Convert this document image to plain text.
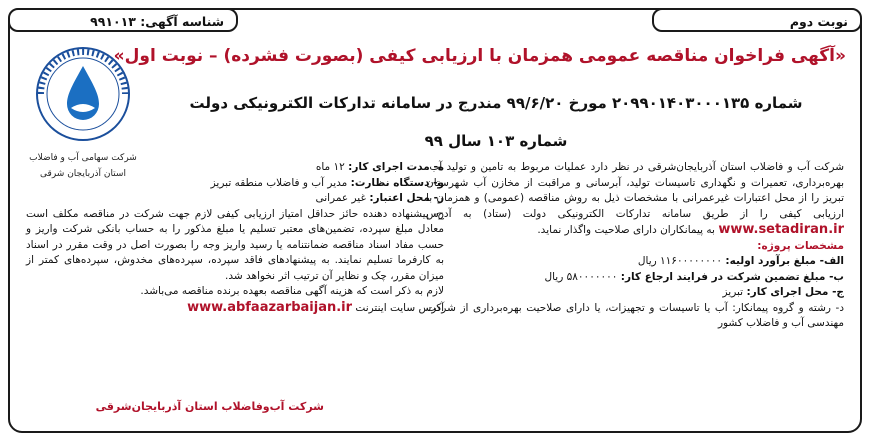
نوبت دوم
شناسه آگهی: ۹۹۱۰۱۳
شرکت سهامی آب و فاضلاب
استان آذربایجان شرقی
«آگهی فراخوان مناقصه عمومی همزمان با ارزیابی کیفی (بصورت فشرده) – نوبت اول»
شماره ۲۰۹۹۰۱۴۰۳۰۰۰۱۳۵ مورخ ۹۹/۶/۲۰ مندرج در سامانه تدارکات الکترونیکی دولت
شماره ۱۰۳ سال ۹۹
شرکت آب و فاضلاب استان آذربایجان‌شرقی در نظر دارد عملیات مربوط به تامین و تولید آب، بهره‌برداری، تعمیرات و نگهداری تاسیسات تولید، آبرسانی و مراقبت از مخازن آب شهرستان تبریز را از محل اعتبارات غیرعمرانی با مشخصات ذیل به روش مناقصه (عمومی) و همزمان با ارزیابی کیفی را از طریق سامانه تدارکات الکترونیکی دولت (ستاد) به آدرس www.setadiran.ir به پیمانکاران دارای صلاحیت واگذار نماید.
مشخصات پروژه:
الف- مبلغ برآورد اولیه: ۱۱۶۰۰۰۰۰۰۰۰ ریال
ب- مبلغ تضمین شرکت در فرایند ارجاع کار: ۵۸۰۰۰۰۰۰۰ ریال
ج- محل اجرای کار: تبریز
د- رشته و گروه پیمانکار: آب یا تاسیسات و تجهیزات، یا دارای صلاحیت بهره‌برداری از شرکت مهندسی آب و فاضلاب کشور
ه- مدت اجرای کار: ۱۲ ماه
و- دستگاه نظارت: مدیر آب و فاضلاب منطقه تبریز
ز- محل اعتبار: غیر عمرانی
ح- پیشنهاده دهنده حائز حداقل امتیاز ارزیابی کیفی لازم جهت شرکت در مناقصه مکلف است معادل مبلغ سپرده، تضمین‌های معتبر تسلیم یا مبلغ مذکور را به حساب بانکی شرکت واریز و حسب مفاد اسناد مناقصه ضمانتنامه یا رسید واریز وجه را بصورت اصل در وقت مقرر در اسناد به کارفرما تسلیم نمایند. به پیشنهادهای فاقد سپرده، سپرده‌های مخدوش، سپرده‌های کمتر از میزان مقرر، چک و نظایر آن ترتیب اثر نخواهد شد.
لازم به ذکر است که هزینه آگهی مناقصه بعهده برنده مناقصه می‌باشد.
آدرس سایت اینترنت www.abfaazarbaijan.ir
شرکت آب‌وفاضلاب استان آذربایجان‌شرقی
